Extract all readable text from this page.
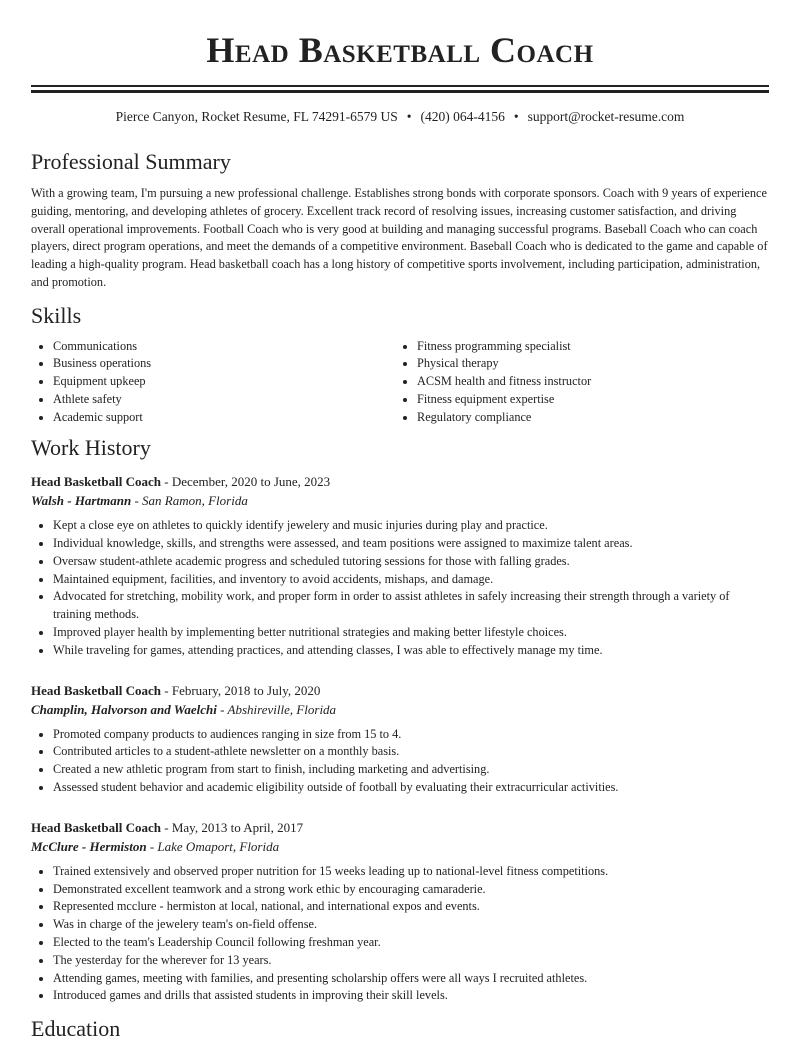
Head Basketball Coach
Pierce Canyon, Rocket Resume, FL 74291-6579 US • (420) 064-4156 • support@rocket-resume.com
Professional Summary
With a growing team, I'm pursuing a new professional challenge. Establishes strong bonds with corporate sponsors. Coach with 9 years of experience guiding, mentoring, and developing athletes of grocery. Excellent track record of resolving issues, increasing customer satisfaction, and driving overall operational improvements. Football Coach who is very good at building and managing successful programs. Baseball Coach who can coach players, direct program operations, and meet the demands of a competitive environment. Baseball Coach who is dedicated to the game and capable of leading a high-quality program. Head basketball coach has a long history of competitive sports involvement, including participation, administration, and promotion.
Skills
• Communications
• Business operations
• Equipment upkeep
• Athlete safety
• Academic support
• Fitness programming specialist
• Physical therapy
• ACSM health and fitness instructor
• Fitness equipment expertise
• Regulatory compliance
Work History
Head Basketball Coach - December, 2020 to June, 2023
Walsh - Hartmann - San Ramon, Florida
• Kept a close eye on athletes to quickly identify jewelery and music injuries during play and practice.
• Individual knowledge, skills, and strengths were assessed, and team positions were assigned to maximize talent areas.
• Oversaw student-athlete academic progress and scheduled tutoring sessions for those with falling grades.
• Maintained equipment, facilities, and inventory to avoid accidents, mishaps, and damage.
• Advocated for stretching, mobility work, and proper form in order to assist athletes in safely increasing their strength through a variety of training methods.
• Improved player health by implementing better nutritional strategies and making better lifestyle choices.
• While traveling for games, attending practices, and attending classes, I was able to effectively manage my time.
Head Basketball Coach - February, 2018 to July, 2020
Champlin, Halvorson and Waelchi - Abshireville, Florida
• Promoted company products to audiences ranging in size from 15 to 4.
• Contributed articles to a student-athlete newsletter on a monthly basis.
• Created a new athletic program from start to finish, including marketing and advertising.
• Assessed student behavior and academic eligibility outside of football by evaluating their extracurricular activities.
Head Basketball Coach - May, 2013 to April, 2017
McClure - Hermiston - Lake Omaport, Florida
• Trained extensively and observed proper nutrition for 15 weeks leading up to national-level fitness competitions.
• Demonstrated excellent teamwork and a strong work ethic by encouraging camaraderie.
• Represented mcclure - hermiston at local, national, and international expos and events.
• Was in charge of the jewelery team's on-field offense.
• Elected to the team's Leadership Council following freshman year.
• The yesterday for the wherever for 13 years.
• Attending games, meeting with families, and presenting scholarship offers were all ways I recruited athletes.
• Introduced games and drills that assisted students in improving their skill levels.
Education
